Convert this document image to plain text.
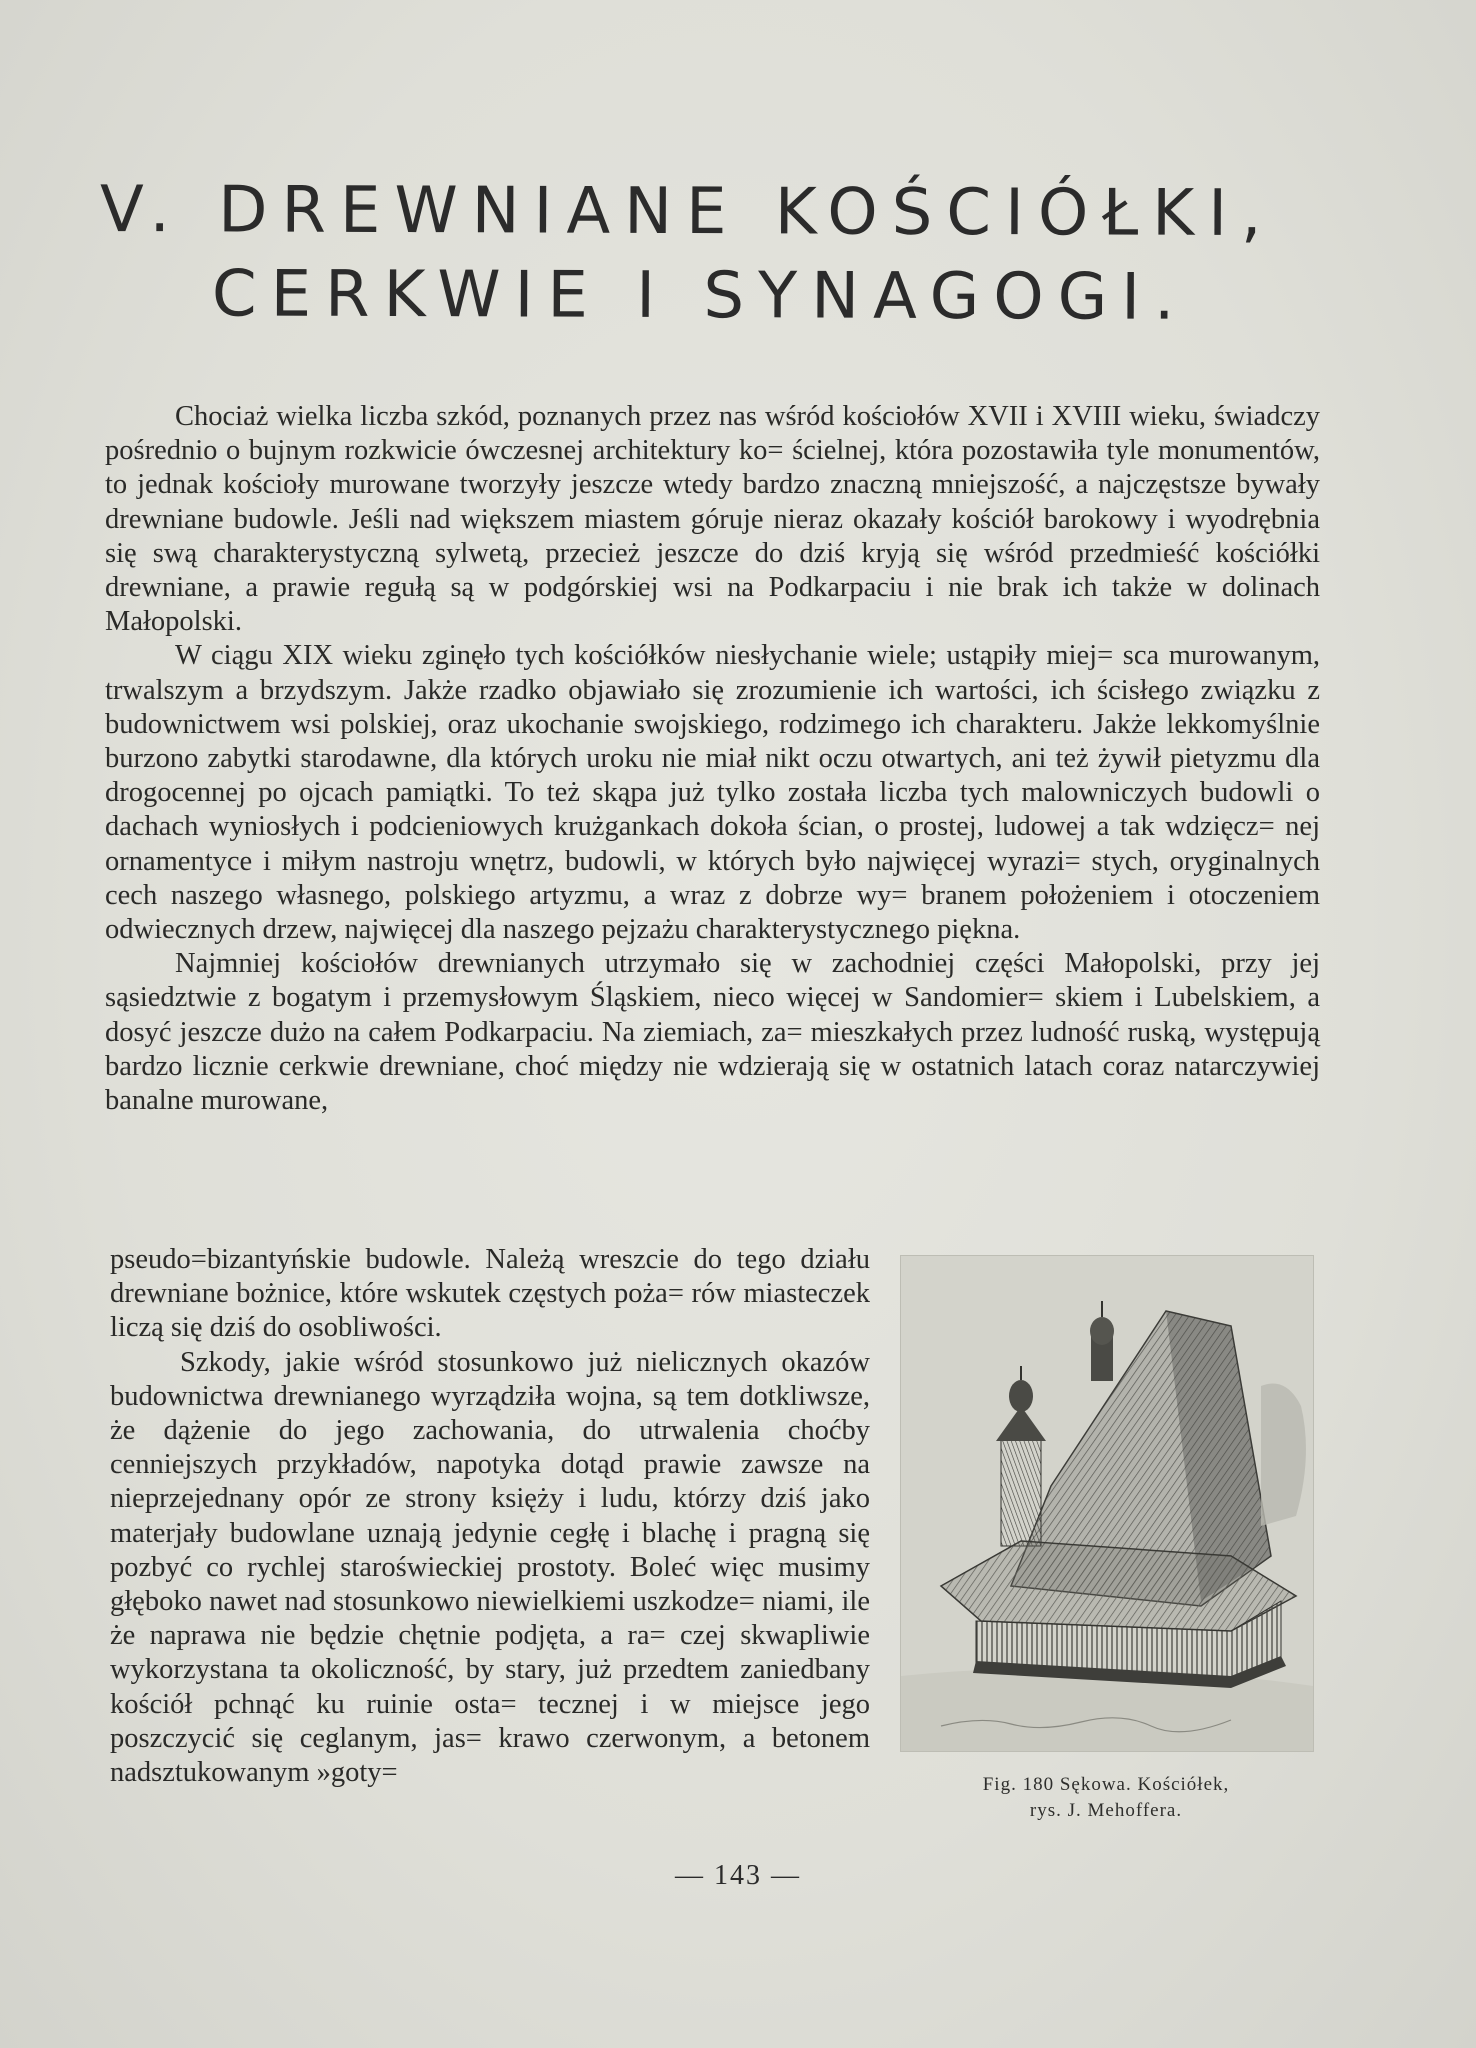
V. DREWNIANE KOŚCIÓŁKI,
CERKWIE I SYNAGOGI.

Chociaż wielka liczba szkód, poznanych przez nas wśród kościołów XVII i XVIII wieku, świadczy pośrednio o bujnym rozkwicie ówczesnej architektury ko= ścielnej, która pozostawiła tyle monumentów, to jednak kościoły murowane tworzyły jeszcze wtedy bardzo znaczną mniejszość, a najczęstsze bywały drewniane budowle. Jeśli nad większem miastem góruje nieraz okazały kościół barokowy i wyodrębnia się swą charakterystyczną sylwetą, przecież jeszcze do dziś kryją się wśród przedmieść kościółki drewniane, a prawie regułą są w podgórskiej wsi na Podkarpaciu i nie brak ich także w dolinach Małopolski.

W ciągu XIX wieku zginęło tych kościółków niesłychanie wiele; ustąpiły miej= sca murowanym, trwalszym a brzydszym. Jakże rzadko objawiało się zrozumienie ich wartości, ich ścisłego związku z budownictwem wsi polskiej, oraz ukochanie swojskiego, rodzimego ich charakteru. Jakże lekkomyślnie burzono zabytki starodawne, dla których uroku nie miał nikt oczu otwartych, ani też żywił pietyzmu dla drogocennej po ojcach pamiątki. To też skąpa już tylko została liczba tych malowniczych budowli o dachach wyniosłych i podcieniowych krużgankach dokoła ścian, o prostej, ludowej a tak wdzięcz= nej ornamentyce i miłym nastroju wnętrz, budowli, w których było najwięcej wyrazi= stych, oryginalnych cech naszego własnego, polskiego artyzmu, a wraz z dobrze wy= branem położeniem i otoczeniem odwiecznych drzew, najwięcej dla naszego pejzażu charakterystycznego piękna.

Najmniej kościołów drewnianych utrzymało się w zachodniej części Małopolski, przy jej sąsiedztwie z bogatym i przemysłowym Śląskiem, nieco więcej w Sandomier= skiem i Lubelskiem, a dosyć jeszcze dużo na całem Podkarpaciu. Na ziemiach, za= mieszkałych przez ludność ruską, występują bardzo licznie cerkwie drewniane, choć między nie wdzierają się w ostatnich latach coraz natarczywiej banalne murowane,

pseudo=bizantyńskie budowle. Należą wreszcie do tego działu drewniane bożnice, które wskutek częstych poża= rów miasteczek liczą się dziś do osobliwości.

Szkody, jakie wśród stosunkowo już nielicznych okazów budownictwa drewnianego wyrządziła wojna, są tem dotkliwsze, że dążenie do jego zachowania, do utrwalenia choćby cenniejszych przykładów, napotyka dotąd prawie zawsze na nieprzejednany opór ze strony księży i ludu, którzy dziś jako materjały budowlane uznają jedynie cegłę i blachę i pragną się pozbyć co rychlej staroświeckiej prostoty. Boleć więc musimy głęboko nawet nad stosunkowo niewielkiemi uszkodze= niami, ile że naprawa nie będzie chętnie podjęta, a ra= czej skwapliwie wykorzystana ta okoliczność, by stary, już przedtem zaniedbany kościół pchnąć ku ruinie osta= tecznej i w miejsce jego poszczycić się ceglanym, jas= krawo czerwonym, a betonem nadsztukowanym »goty=	Fig. 180 Sękowa. Kościółek,
rys. J. Mehoffera.
— 143 —
